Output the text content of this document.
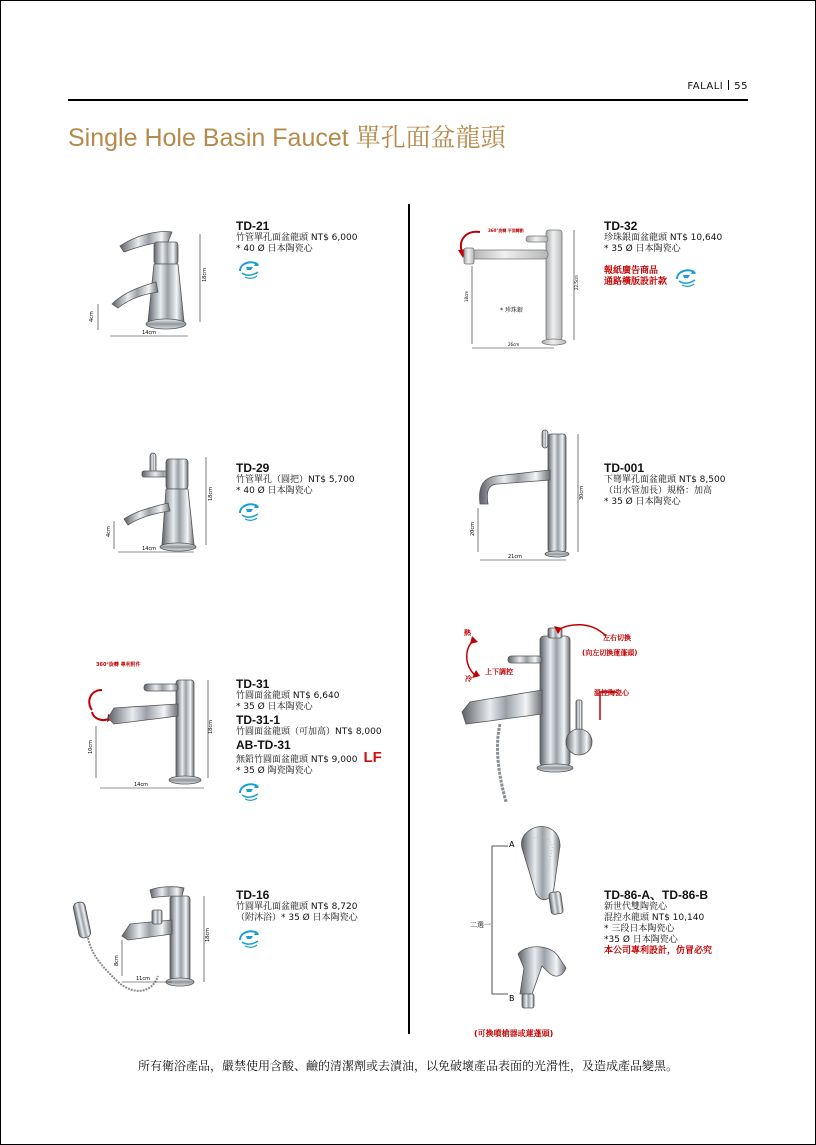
FALALI 55
Single Hole Basin Faucet 單孔面盆龍頭
18cm
4cm
14cm
TD-21
竹管單孔面盆龍頭 NT$ 6,000
* 40 Ø 日本陶瓷心
18cm
4cm
14cm
TD-29
竹管單孔（圓把）NT$ 5,700
* 40 Ø 日本陶瓷心
360°旋轉 專利附件
18cm
10cm
14cm
TD-31
竹圓面盆龍頭 NT$ 6,640
* 35 Ø 日本陶瓷心
TD-31-1
竹圓面盆龍頭（可加高）NT$ 8,000
AB-TD-31
無鉛竹圓面盆龍頭 NT$ 9,000 LF
* 35 Ø 陶瓷陶瓷心
18cm
8cm
11cm
TD-16
竹圓單孔面盆龍頭 NT$ 8,720
（附沐浴）* 35 Ø 日本陶瓷心
360°旋轉 平面轉動
* 珍珠銀
18cm
22.5cm
26cm
TD-32
珍珠銀面盆龍頭 NT$ 10,640
* 35 Ø 日本陶瓷心
報紙廣告商品
通路橫版設計款
30cm
20cm
21cm
TD-001
下彎單孔面盆龍頭 NT$ 8,500
（出水管加長）規格：加高
* 35 Ø 日本陶瓷心
左右切換
(向左切換蓮蓬頭)
上下調控
溫控陶瓷心
熱
冷
A
B
二選一
(可換噴槍器或蓮蓬頭)
TD-86-A、TD-86-B
新世代雙陶瓷心
混控水龍頭 NT$ 10,140
* 三段日本陶瓷心
*35 Ø 日本陶瓷心
本公司專利設計，仿冒必究
所有衛浴產品，嚴禁使用含酸、鹼的清潔劑或去漬油，以免破壞產品表面的光滑性，及造成產品變黑。
